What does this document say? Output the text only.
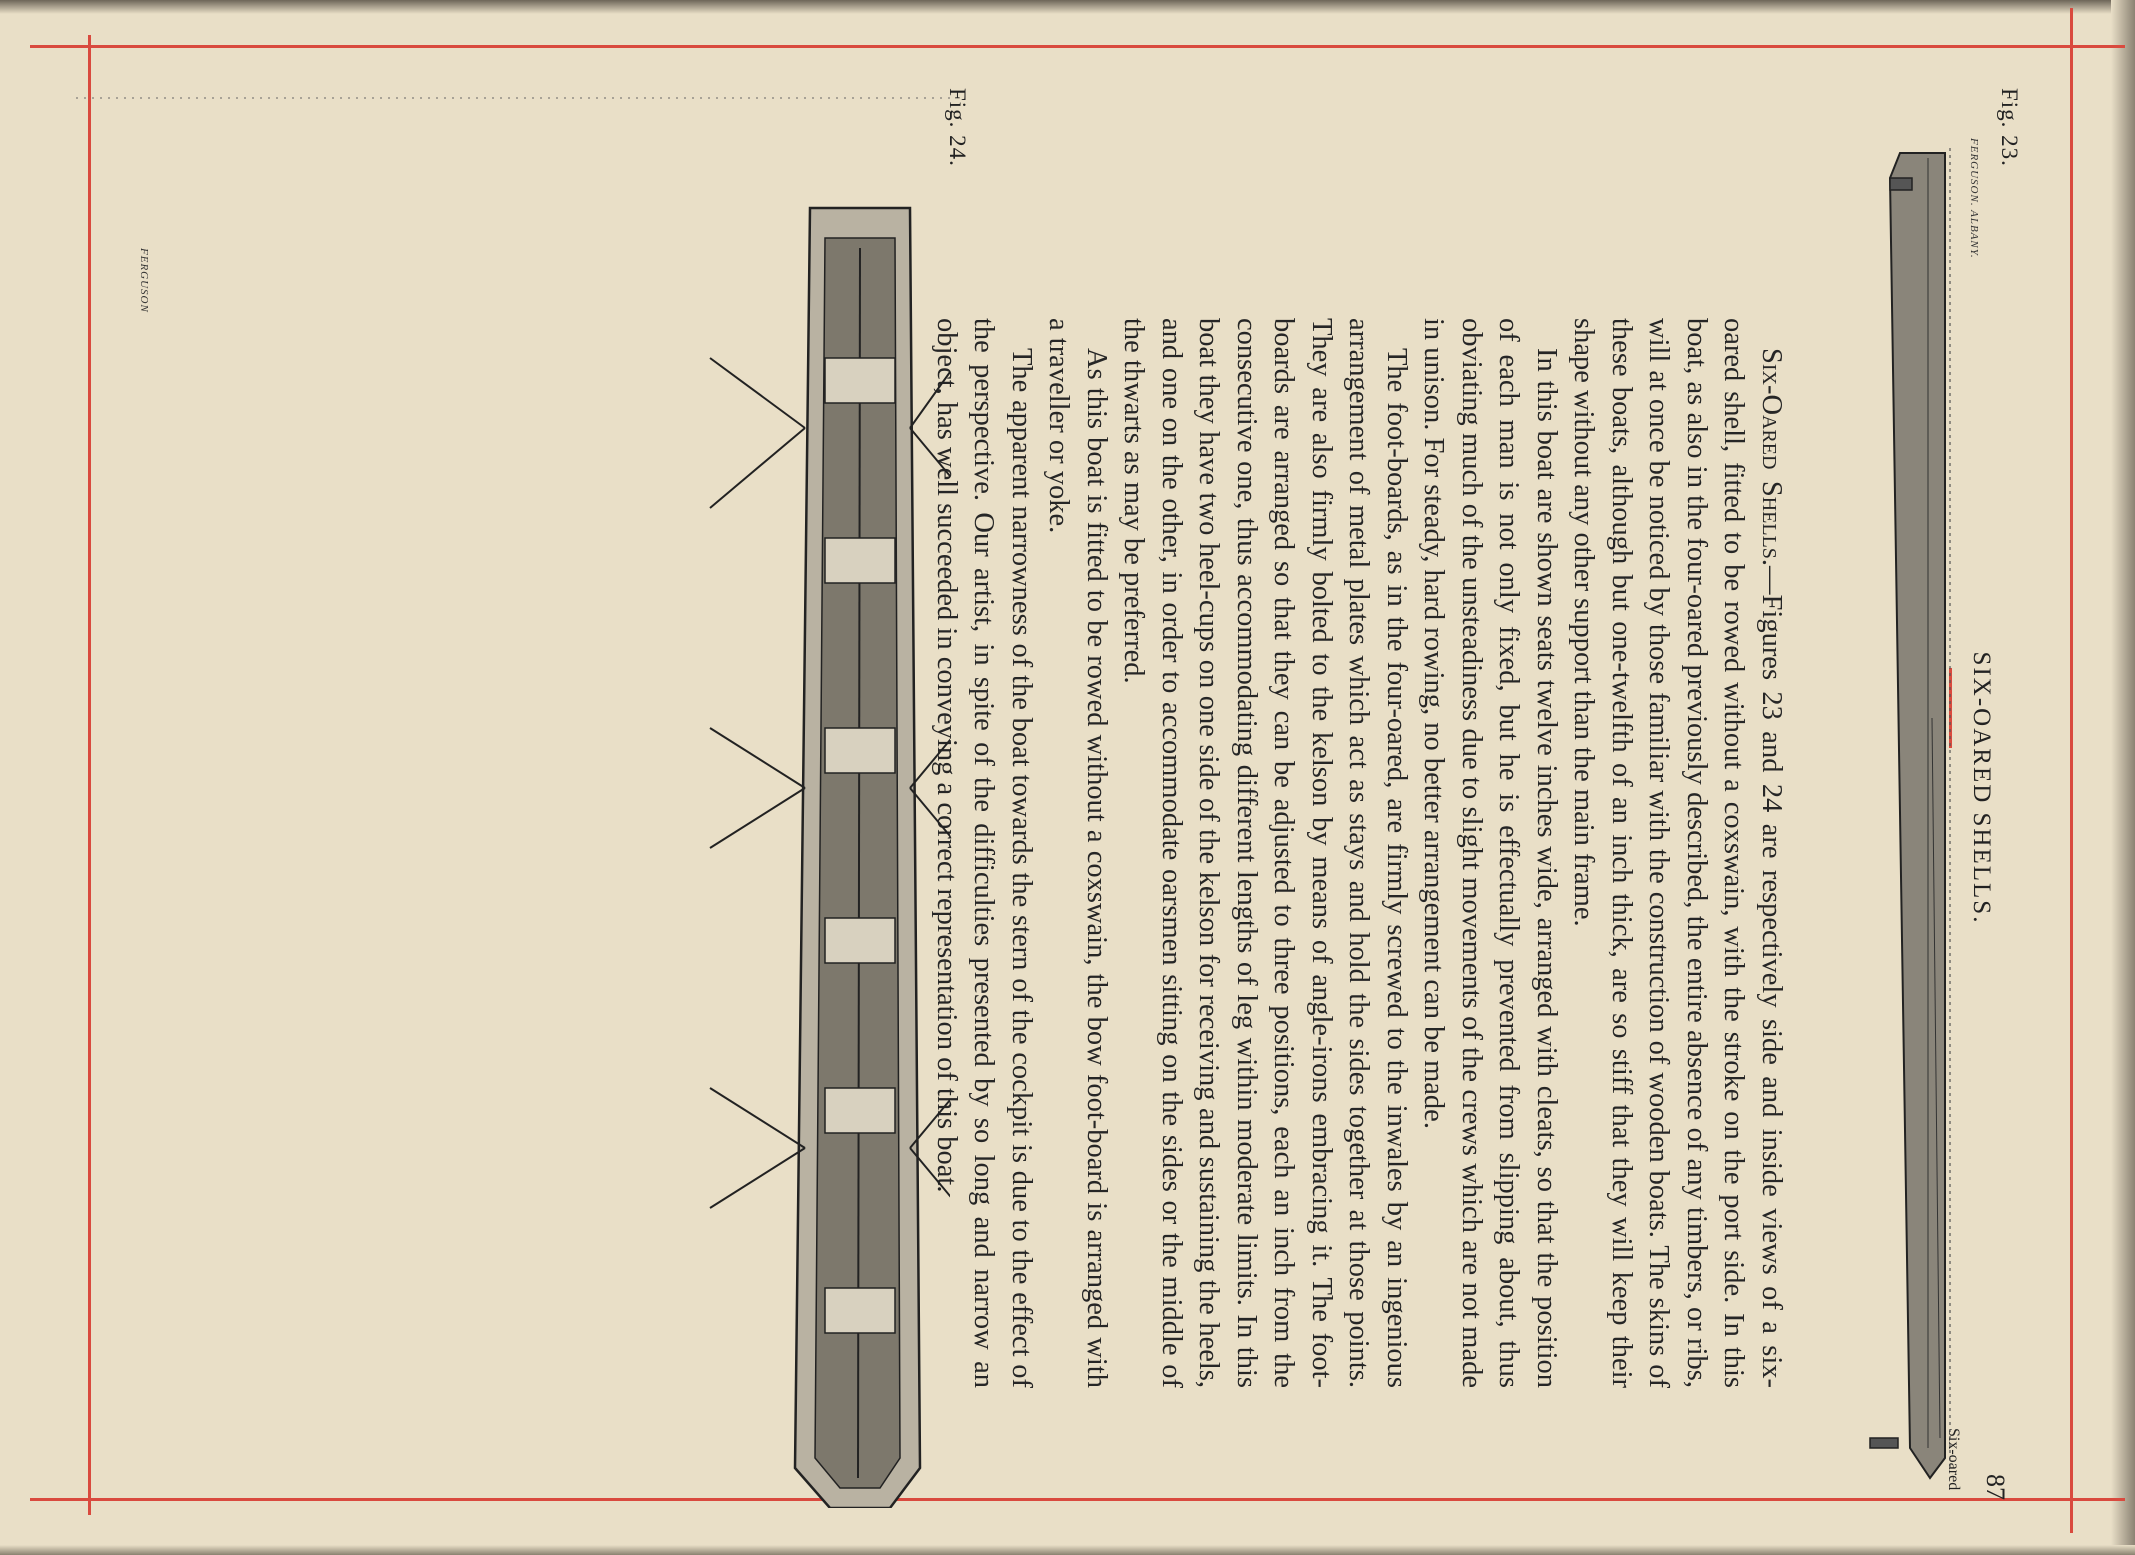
SIX-OARED SHELLS.
87
Six-oared
Fig. 23.
FERGUSON. ALBANY.

Six-Oared Shells.—Figures 23 and 24 are respectively side and inside views of a six-oared shell, fitted to be rowed without a coxswain, with the stroke on the port side. In this boat, as also in the four-oared previously described, the entire absence of any timbers, or ribs, will at once be noticed by those familiar with the construction of wooden boats. The skins of these boats, although but one-twelfth of an inch thick, are so stiff that they will keep their shape without any other support than the main frame.

In this boat are shown seats twelve inches wide, arranged with cleats, so that the position of each man is not only fixed, but he is effectually prevented from slipping about, thus obviating much of the unsteadiness due to slight movements of the crews which are not made in unison. For steady, hard rowing, no better arrangement can be made.

The foot-boards, as in the four-oared, are firmly screwed to the inwales by an ingenious arrangement of metal plates which act as stays and hold the sides together at those points. They are also firmly bolted to the kelson by means of angle-irons embracing it. The foot-boards are arranged so that they can be adjusted to three positions, each an inch from the consecutive one, thus accommodating different lengths of leg within moderate limits. In this boat they have two heel-cups on one side of the kelson for receiving and sustaining the heels, and one on the other, in order to accommodate oarsmen sitting on the sides or the middle of the thwarts as may be preferred.

As this boat is fitted to be rowed without a coxswain, the bow foot-board is arranged with a traveller or yoke.

The apparent narrowness of the boat towards the stern of the cockpit is due to the effect of the perspective. Our artist, in spite of the difficulties presented by so long and narrow an object, has well succeeded in conveying a correct representation of this boat.

Fig. 24.
FERGUSON
